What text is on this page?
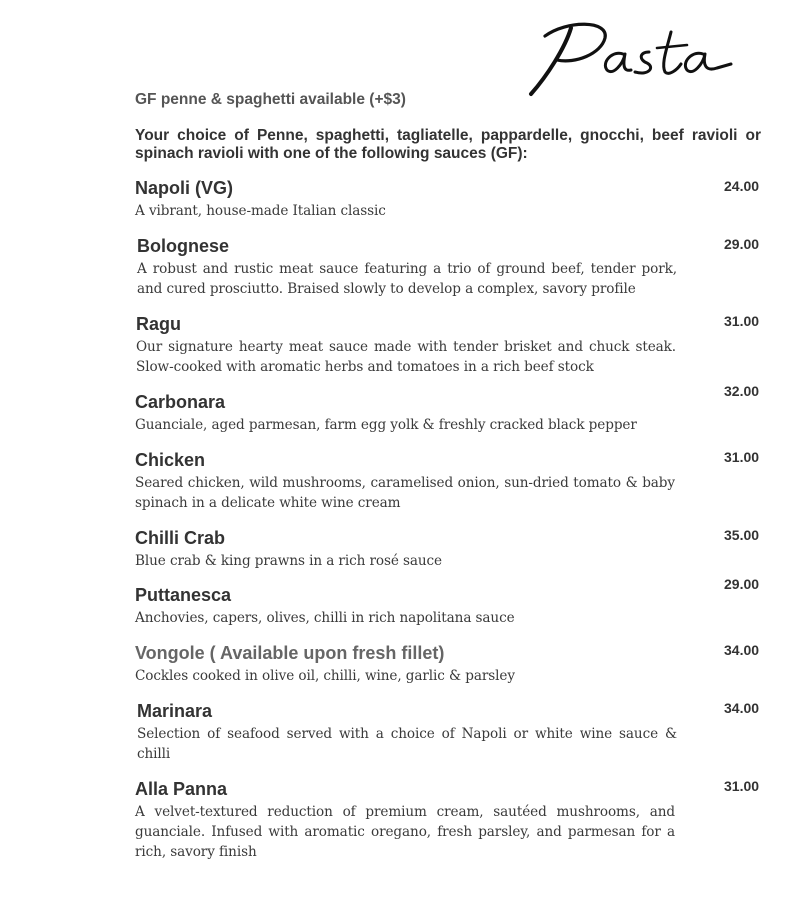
GF penne & spaghetti available (+$3)
Your choice of Penne, spaghetti, tagliatelle, pappardelle, gnocchi, beef ravioli or spinach ravioli with one of the following sauces (GF):
Napoli (VG)
A vibrant, house-made Italian classic
24.00
Bolognese
A robust and rustic meat sauce featuring a trio of ground beef, tender pork, and cured prosciutto. Braised slowly to develop a complex, savory profile
29.00
Ragu
Our signature hearty meat sauce made with tender brisket and chuck steak. Slow-cooked with aromatic herbs and tomatoes in a rich beef stock
31.00
Carbonara
Guanciale, aged parmesan, farm egg yolk & freshly cracked black pepper
32.00
Chicken
Seared chicken, wild mushrooms, caramelised onion, sun-dried tomato & baby spinach in a delicate white wine cream
31.00
Chilli Crab
Blue crab & king prawns in a rich rosé sauce
35.00
Puttanesca
Anchovies, capers, olives, chilli in rich napolitana sauce
29.00
Vongole ( Available upon fresh fillet)
Cockles cooked in olive oil, chilli, wine, garlic & parsley
34.00
Marinara
Selection of seafood served with a choice of Napoli or white wine sauce & chilli
34.00
Alla Panna
A velvet-textured reduction of premium cream, sautéed mushrooms, and guanciale. Infused with aromatic oregano, fresh parsley, and parmesan for a rich, savory finish
31.00
